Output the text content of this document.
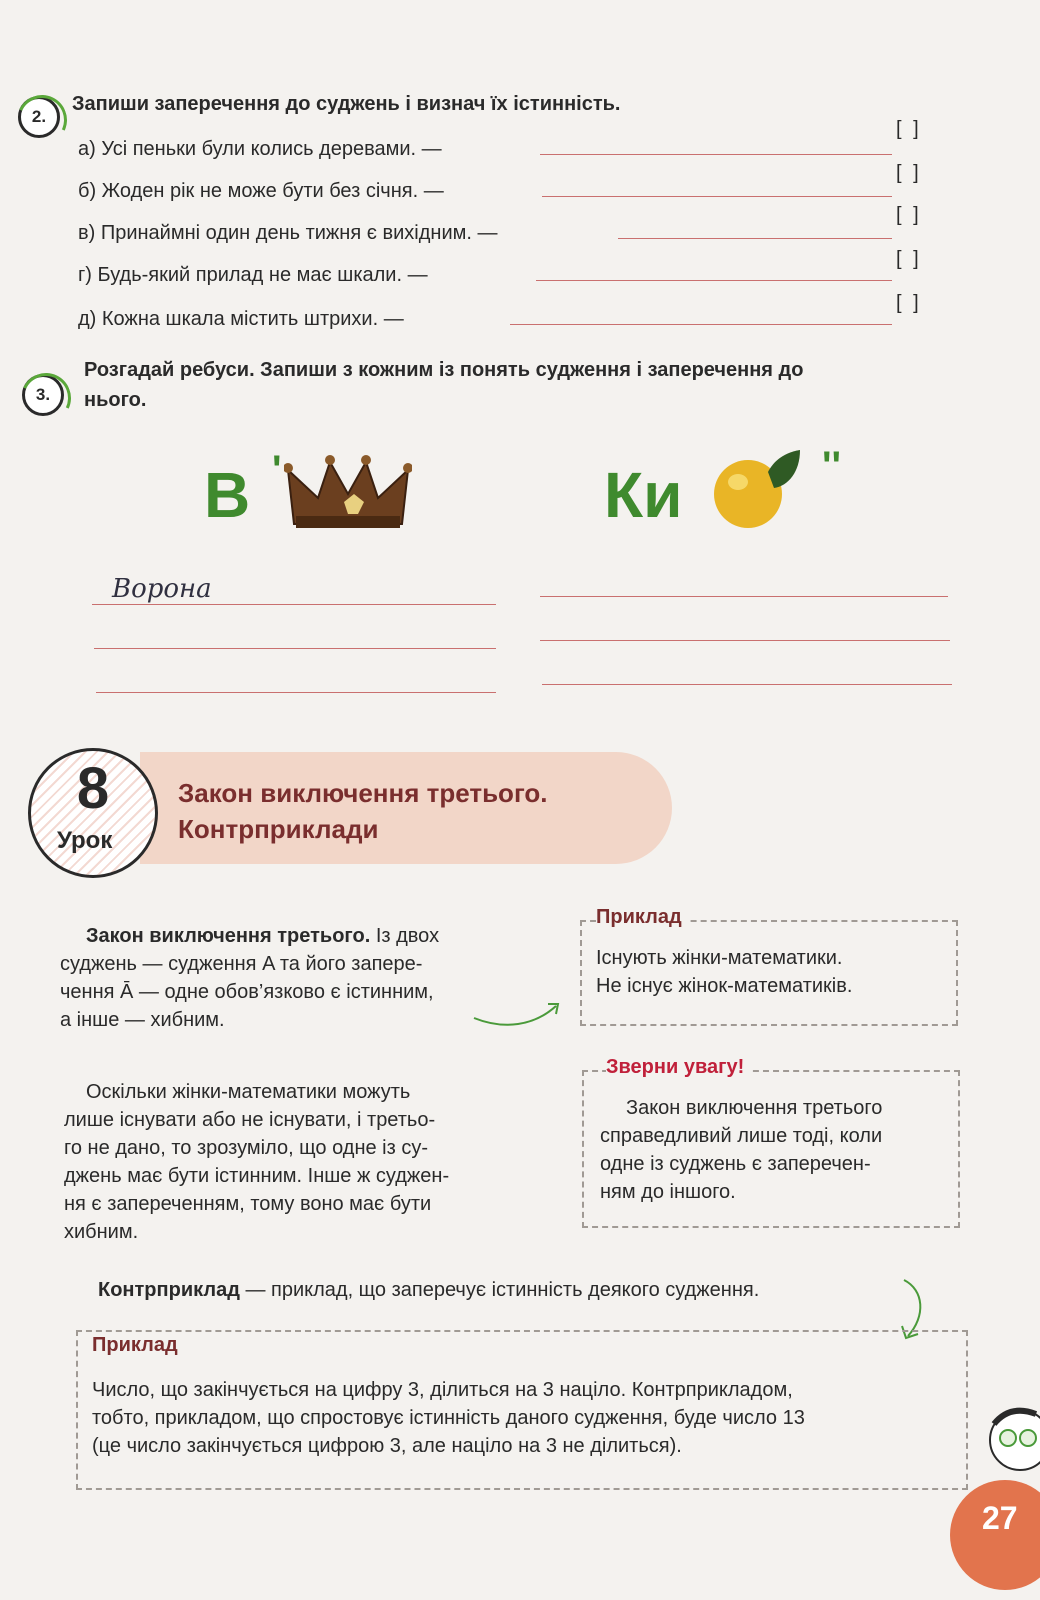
2.
Запиши заперечення до суджень і визнач їх істинність.
а) Усі пеньки були колись деревами. —
[ ]
б) Жоден рік не може бути без січня. —
[ ]
в) Принаймні один день тижня є вихідним. —
[ ]
г) Будь-який прилад не має шкали. —
[ ]
д) Кожна шкала містить штрихи. —
[ ]
3.
Розгадай ребуси. Запиши з кожним із понять судження і заперечення до
нього.
В '	Ки	''
Ворона
8
Урок
Закон виключення третього.
Контрприклади
Закон виключення третього. Із двох
суджень — судження A та його запере-
чення Ā — одне обов’язково є істинним,
а інше — хибним.
Приклад
Існують жінки-математики.
Не існує жінок-математиків.
Оскільки жінки-математики можуть
лише існувати або не існувати, і третьо-
го не дано, то зрозуміло, що одне із су-
джень має бути істинним. Інше ж суджен-
ня є запереченням, тому воно має бути
хибним.
Зверни увагу!
Закон виключення третього
справедливий лише тоді, коли
одне із суджень є заперечен-
ням до іншого.
Контрприклад — приклад, що заперечує істинність деякого судження.
Приклад
Число, що закінчується на цифру 3, ділиться на 3 націло. Контрприкладом,
тобто, прикладом, що спростовує істинність даного судження, буде число 13
(це число закінчується цифрою 3, але націло на 3 не ділиться).
27
